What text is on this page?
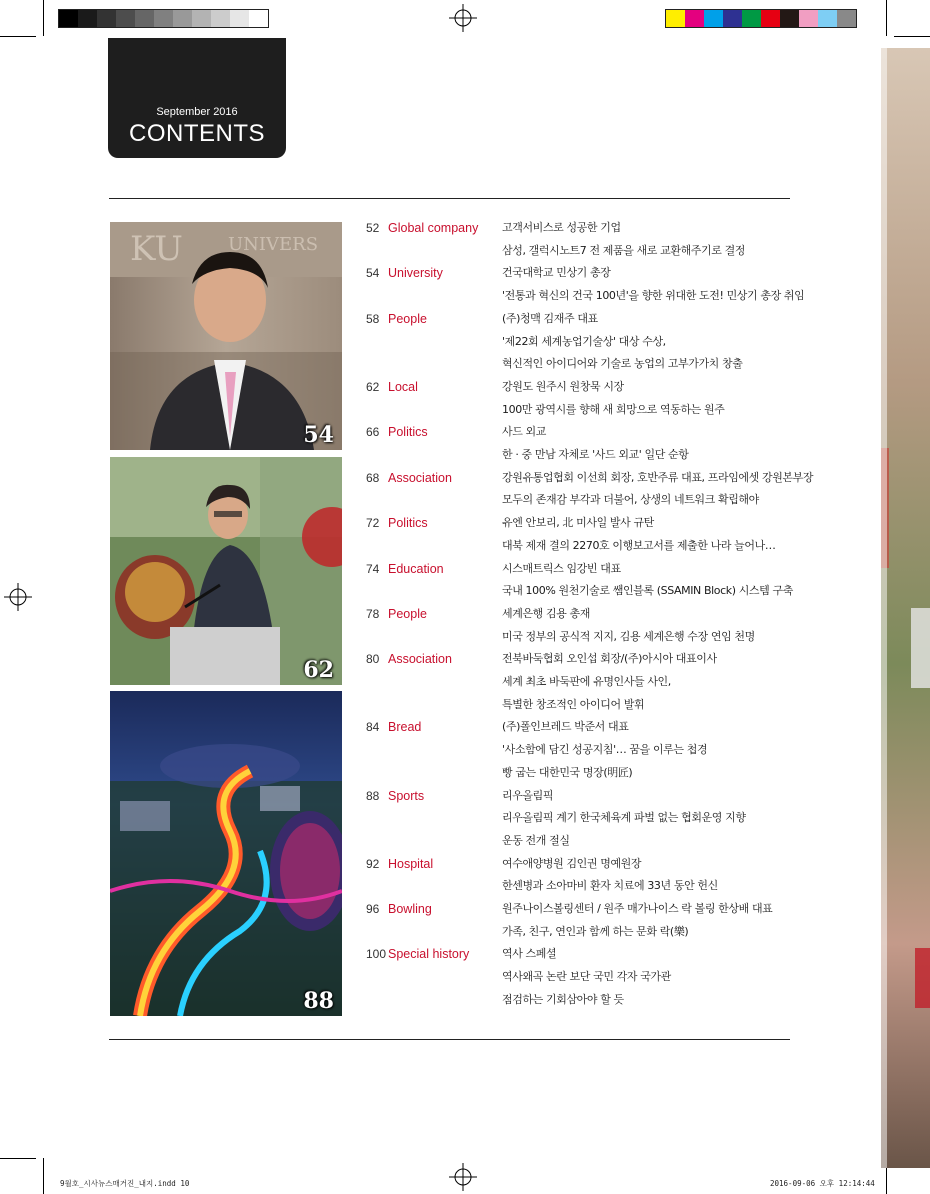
September 2016
CONTENTS
KU	UNIVERS
54
62
88
52 Global company 고객서비스로 성공한 기업
삼성, 갤럭시노트7 전 제품을 새로 교환해주기로 결정
54 University	건국대학교 민상기 총장
'전통과 혁신의 건국 100년'을 향한 위대한 도전! 민상기 총장 취임
58 People	(주)청맥 김재주 대표
'제22회 세계농업기술상' 대상 수상,
혁신적인 아이디어와 기술로 농업의 고부가가치 창출
62 Local	강원도 원주시 원창묵 시장
100만 광역시를 향해 새 희망으로 역동하는 원주
66 Politics	사드 외교
한 · 중 만남 자체로 '사드 외교' 일단 순항
68 Association	강원유통업협회 이선희 회장, 호반주류 대표, 프라임에셋 강원본부장
모두의 존재감 부각과 더불어, 상생의 네트워크 확립해야
72 Politics	유엔 안보리, 北 미사일 발사 규탄
대북 제재 결의 2270호 이행보고서를 제출한 나라 늘어나…
74 Education	시스매트릭스 임강빈 대표
국내 100% 원천기술로 쌤인블록 (SSAMIN Block) 시스템 구축
78 People	세계은행 김용 총재
미국 정부의 공식적 지지, 김용 세계은행 수장 연임 천명
80 Association	전북바둑협회 오인섭 회장/(주)아시아 대표이사
세계 최초 바둑판에 유명인사들 사인,
특별한 창조적인 아이디어 발휘
84 Bread	(주)폴인브레드 박준서 대표
'사소함에 담긴 성공지침'… 꿈을 이루는 첩경
빵 굽는 대한민국 명장(明匠)
88 Sports	리우올림픽
리우올림픽 계기 한국체육계 파벌 없는 협회운영 지향
운동 전개 절실
92 Hospital	여수애양병원 김인권 명예원장
한센병과 소아마비 환자 치료에 33년 동안 헌신
96 Bowling	원주나이스볼링센터 / 원주 매가나이스 락 볼링 한상배 대표
가족, 친구, 연인과 함께 하는 문화 락(樂)
100 Special history	역사 스페셜
역사왜곡 논란 보단 국민 각자 국가관
점검하는 기회삼아야 할 듯
9월호_시사뉴스매거진_내지.indd 10	2016-09-06 오후 12:14:44
